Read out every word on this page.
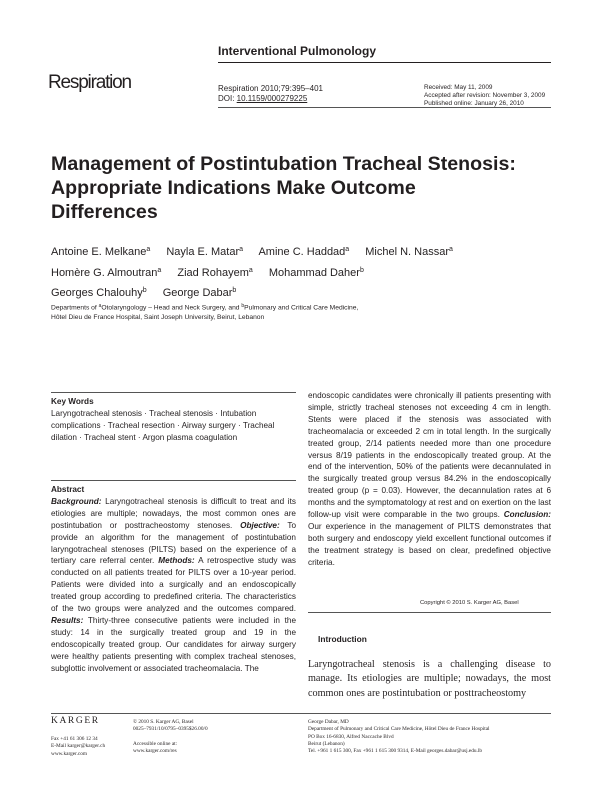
Interventional Pulmonology
Respiration	Respiration 2010;79:395–401
DOI: 10.1159/000279225
Received: May 11, 2009
Accepted after revision: November 3, 2009
Published online: January 26, 2010
Management of Postintubation Tracheal Stenosis: Appropriate Indications Make Outcome Differences
Antoine E. Melkane$^a$ Nayla E. Matar$^a$ Amine C. Haddad$^a$ Michel N. Nassar$^a$
Homère G. Almoutran$^a$ Ziad Rohayem$^a$ Mohammad Daher$^b$
Georges Chalouhy$^b$ George Dabar$^b$
Departments of $^a$Otolaryngology – Head and Neck Surgery, and $^b$Pulmonary and Critical Care Medicine,
Hôtel Dieu de France Hospital, Saint Joseph University, Beirut, Lebanon
Key Words
Laryngotracheal stenosis · Tracheal stenosis · Intubation complications · Tracheal resection · Airway surgery · Tracheal dilation · Tracheal stent · Argon plasma coagulation
Abstract
Background: Laryngotracheal stenosis is difficult to treat and its etiologies are multiple; nowadays, the most common ones are postintubation or posttracheostomy stenoses. Objective: To provide an algorithm for the management of postintubation laryngotracheal stenoses (PILTS) based on the experience of a tertiary care referral center. Methods: A retrospective study was conducted on all patients treated for PILTS over a 10-year period. Patients were divided into a surgically and an endoscopically treated group according to predefined criteria. The characteristics of the two groups were analyzed and the outcomes compared. Results: Thirty-three consecutive patients were included in the study: 14 in the surgically treated group and 19 in the endoscopically treated group. Our candidates for airway surgery were healthy patients presenting with complex tracheal stenoses, subglottic involvement or associated tracheomalacia. The
endoscopic candidates were chronically ill patients presenting with simple, strictly tracheal stenoses not exceeding 4 cm in length. Stents were placed if the stenosis was associated with tracheomalacia or exceeded 2 cm in total length. In the surgically treated group, 2/14 patients needed more than one procedure versus 8/19 patients in the endoscopically treated group. At the end of the intervention, 50% of the patients were decannulated in the surgically treated group versus 84.2% in the endoscopically treated group (p = 0.03). However, the decannulation rates at 6 months and the symptomatology at rest and on exertion on the last follow-up visit were comparable in the two groups. Conclusion: Our experience in the management of PILTS demonstrates that both surgery and endoscopy yield excellent functional outcomes if the treatment strategy is based on clear, predefined objective criteria.
Copyright © 2010 S. Karger AG, Basel
Introduction
Laryngotracheal stenosis is a challenging disease to manage. Its etiologies are multiple; nowadays, the most common ones are postintubation or posttracheostomy
KARGER
Fax +41 61 306 12 34
E-Mail karger@karger.ch
www.karger.com
© 2010 S. Karger AG, Basel
0025–7931/10/0795–0395$26.00/0

Accessible online at:
www.karger.com/res
George Dabar, MD
Department of Pulmonary and Critical Care Medicine, Hôtel Dieu de France Hospital
PO Box 16-6830, Alfred Naccache Blvd
Beirut (Lebanon)
Tel. +961 1 615 300, Fax +961 1 615 300 9314, E-Mail georges.dabar@usj.edu.lb
